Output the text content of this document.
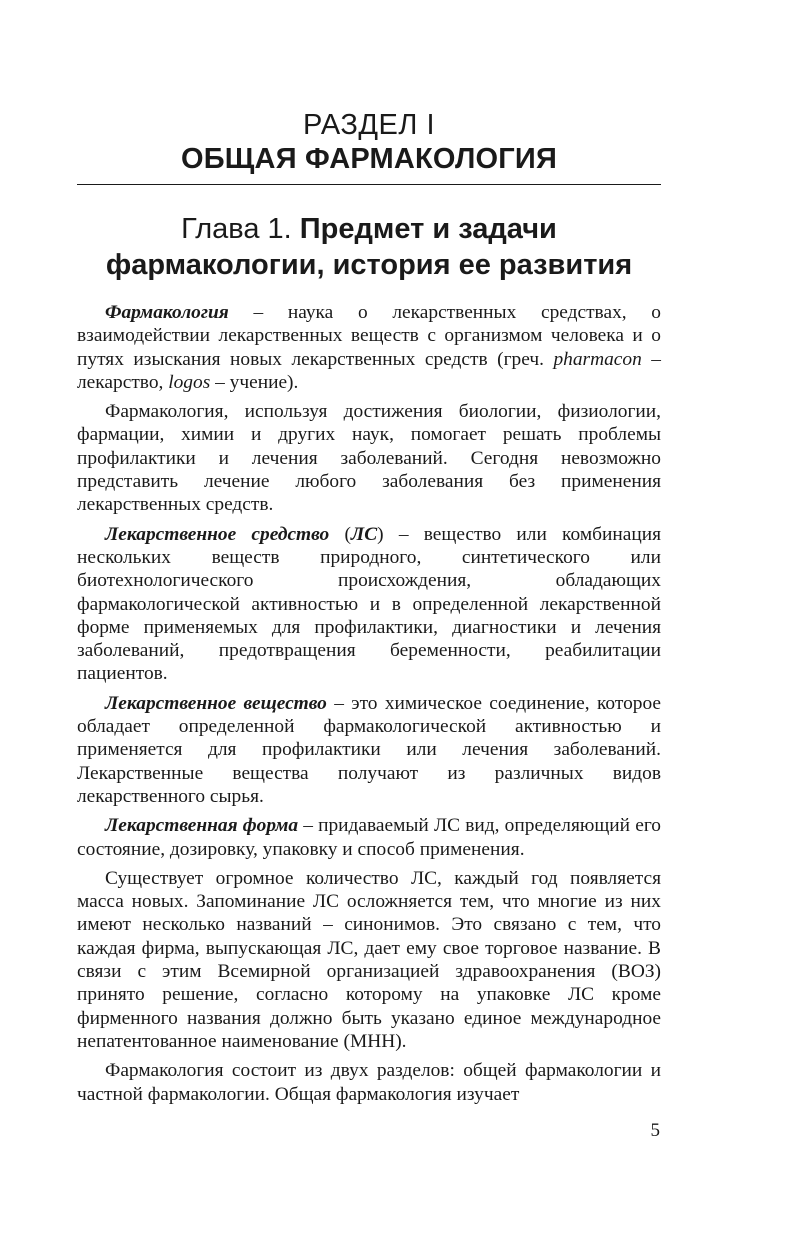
РАЗДЕЛ I
ОБЩАЯ ФАРМАКОЛОГИЯ
Глава 1. Предмет и задачи фармакологии, история ее развития

Фармакология – наука о лекарственных средствах, о взаимодействии лекарственных веществ с организмом человека и о путях изыскания новых лекарственных средств (греч. pharmacon – лекарство, logos – учение).

Фармакология, используя достижения биологии, физиологии, фармации, химии и других наук, помогает решать проблемы профилактики и лечения заболеваний. Сегодня невозможно представить лечение любого заболевания без применения лекарственных средств.

Лекарственное средство (ЛС) – вещество или комбинация нескольких веществ природного, синтетического или биотехнологического происхождения, обладающих фармакологической активностью и в определенной лекарственной форме применяемых для профилактики, диагностики и лечения заболеваний, предотвращения беременности, реабилитации пациентов.

Лекарственное вещество – это химическое соединение, которое обладает определенной фармакологической активностью и применяется для профилактики или лечения заболеваний. Лекарственные вещества получают из различных видов лекарственного сырья.

Лекарственная форма – придаваемый ЛС вид, определяющий его состояние, дозировку, упаковку и способ применения.

Существует огромное количество ЛС, каждый год появляется масса новых. Запоминание ЛС осложняется тем, что многие из них имеют несколько названий – синонимов. Это связано с тем, что каждая фирма, выпускающая ЛС, дает ему свое торговое название. В связи с этим Всемирной организацией здравоохранения (ВОЗ) принято решение, согласно которому на упаковке ЛС кроме фирменного названия должно быть указано единое международное непатентованное наименование (МНН).

Фармакология состоит из двух разделов: общей фармакологии и частной фармакологии. Общая фармакология изучает

5
